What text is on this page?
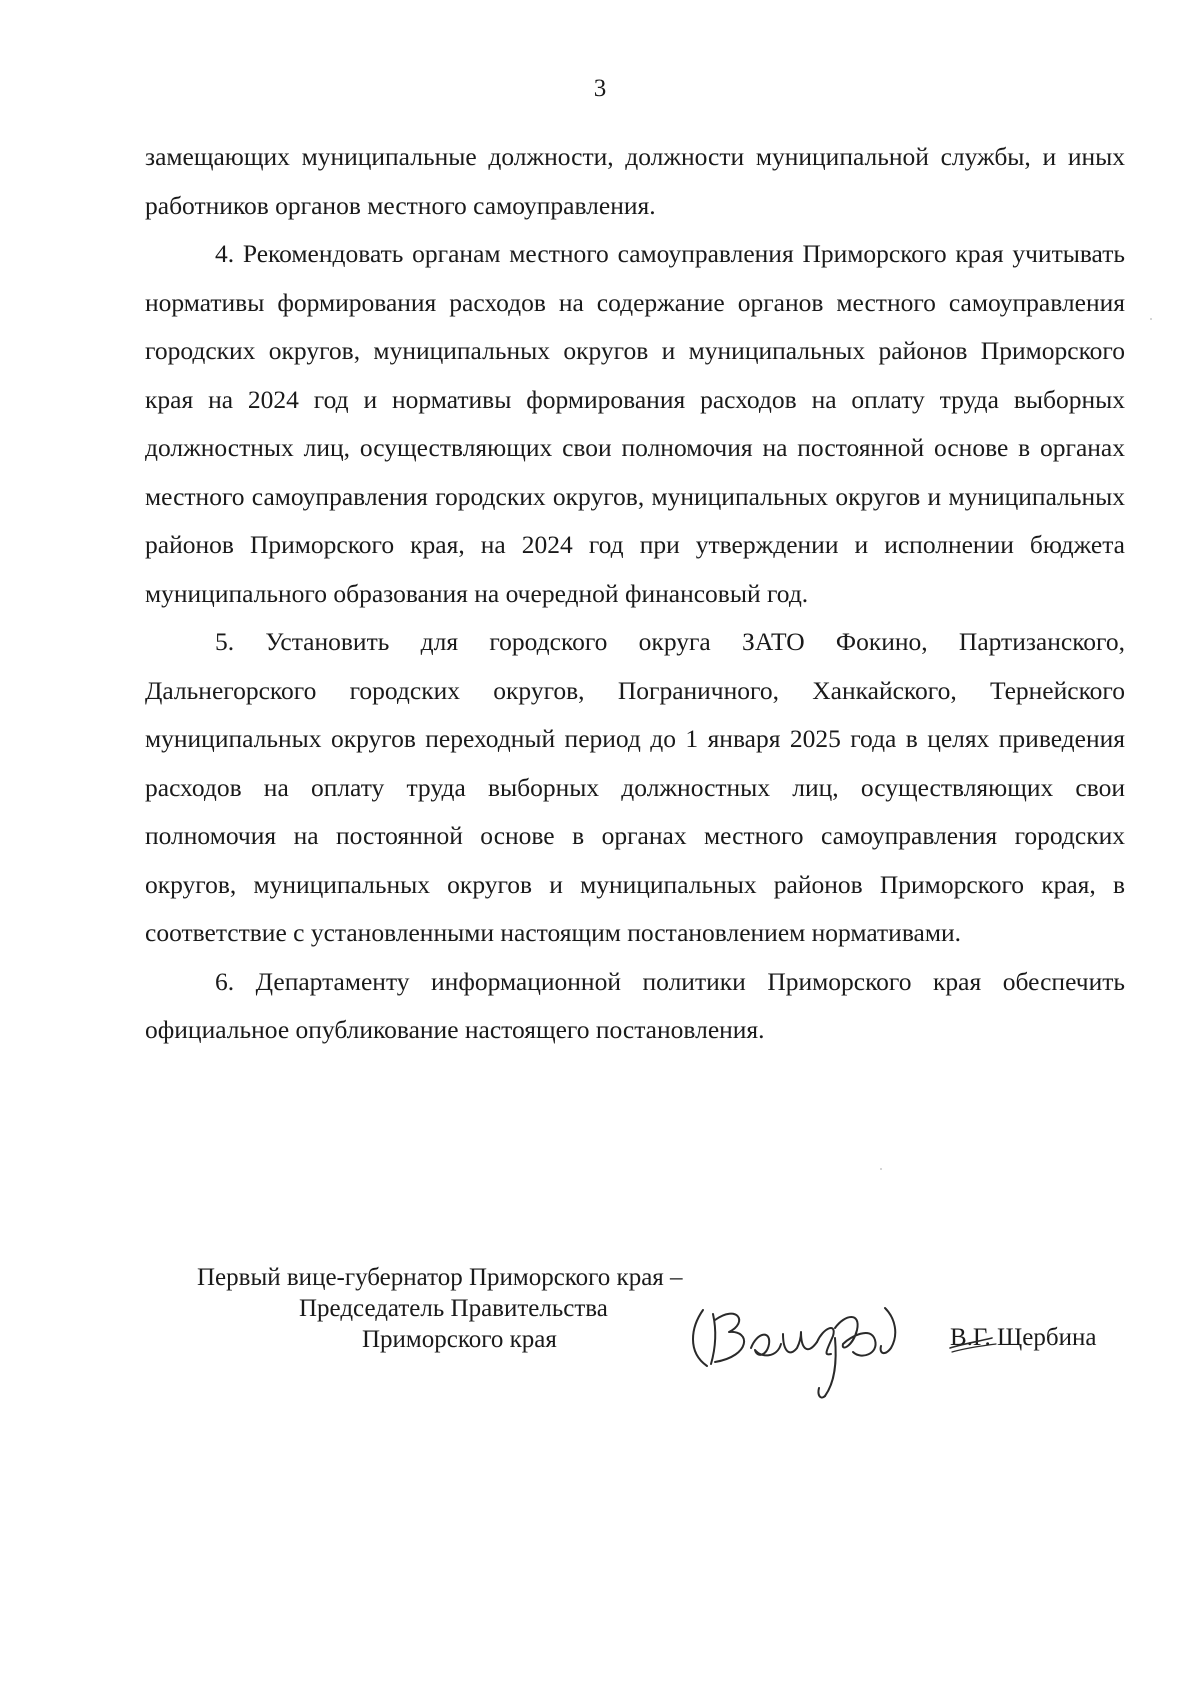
3

замещающих муниципальные должности, должности муниципальной службы, и иных работников органов местного самоуправления.

4. Рекомендовать органам местного самоуправления Приморского края учитывать нормативы формирования расходов на содержание органов местного самоуправления городских округов, муниципальных округов и муниципальных районов Приморского края на 2024 год и нормативы формирования расходов на оплату труда выборных должностных лиц, осуществляющих свои полномочия на постоянной основе в органах местного самоуправления городских округов, муниципальных округов и муниципальных районов Приморского края, на 2024 год при утверждении и исполнении бюджета муниципального образования на очередной финансовый год.

5. Установить для городского округа ЗАТО Фокино, Партизанского, Дальнегорского городских округов, Пограничного, Ханкайского, Тернейского муниципальных округов переходный период до 1 января 2025 года в целях приведения расходов на оплату труда выборных должностных лиц, осуществляющих свои полномочия на постоянной основе в органах местного самоуправления городских округов, муниципальных округов и муниципальных районов Приморского края, в соответствие с установленными настоящим постановлением нормативами.

6. Департаменту информационной политики Приморского края обеспечить официальное опубликование настоящего постановления.

Первый вице-губернатор Приморского края –
Председатель Правительства
Приморского края	В.Г. Щербина
